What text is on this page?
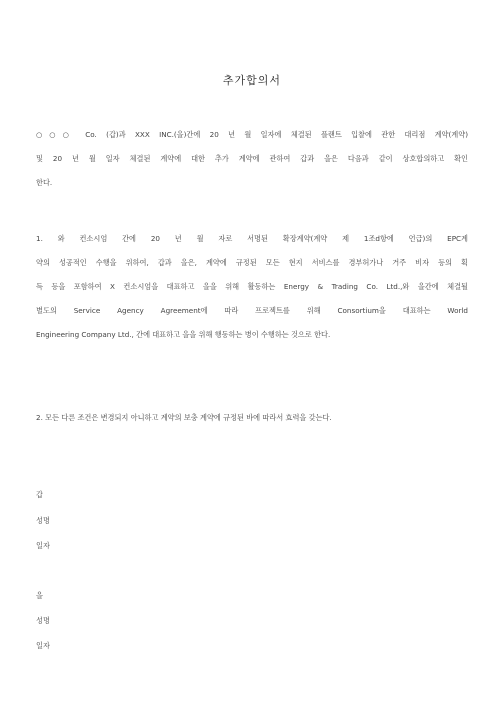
추가합의서
○○○ Co. (갑)과 XXX INC.(을)간에 20 년 월 일자에 체결된 플랜트 입찰에 관한 대리점 계약(계약)
및 20 년 월 일자 체결된 계약에 대한 추가 계약에 관하여 갑과 을은 다음과 같이 상호합의하고 확인
한다.
1. 와 컨소시엄 간에 20 년 월 자로 서명된 확장계약(계약 제 1조d항에 언급)의 EPC계
약의 성공적인 수행을 위하여, 갑과 을은, 계약에 규정된 모든 현지 서비스를 경부허가나 거주 비자 등의 획
득 등을 포함하여 X 컨소시엄을 대표하고 을을 위해 활동하는 Energy & Trading Co. Ltd.,와 을간에 체결될
별도의 Service Agency Agreement에 따라 프로젝트를 위해 Consortium을 대표하는 World
Engineering Company Ltd., 간에 대표하고 을을 위해 행동하는 병이 수행하는 것으로 한다.
2. 모든 다른 조건은 변경되지 아니하고 계약의 보충 계약에 규정된 바에 따라서 효력을 갖는다.
갑
성명
일자
을
성명
일자
